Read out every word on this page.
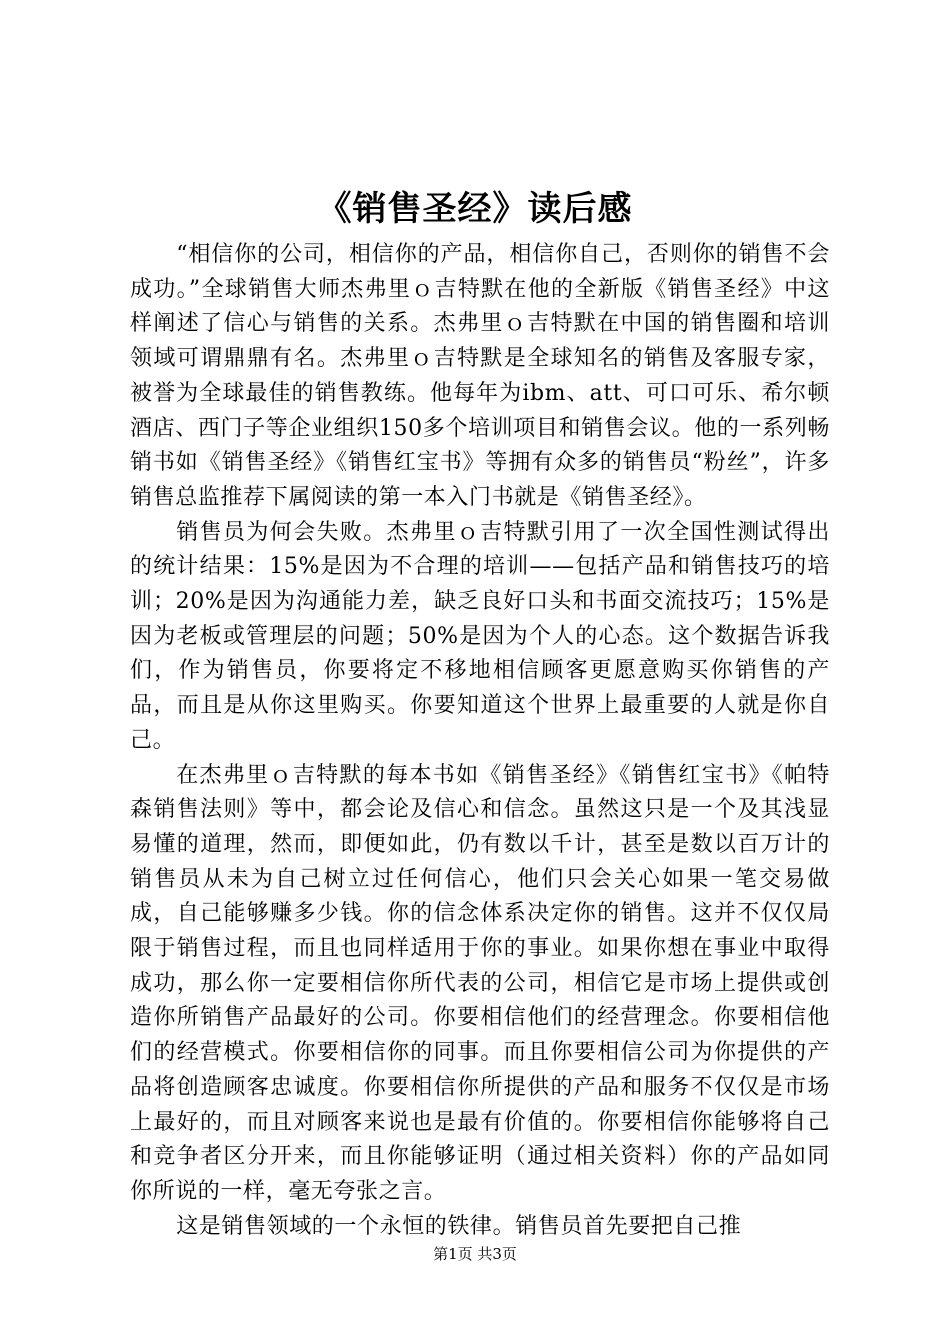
《销售圣经》读后感

“相信你的公司，相信你的产品，相信你自己，否则你的销售不会成功。”全球销售大师杰弗里ｏ吉特默在他的全新版《销售圣经》中这样阐述了信心与销售的关系。杰弗里ｏ吉特默在中国的销售圈和培训领域可谓鼎鼎有名。杰弗里ｏ吉特默是全球知名的销售及客服专家，被誉为全球最佳的销售教练。他每年为ibm、att、可口可乐、希尔顿酒店、西门子等企业组织150多个培训项目和销售会议。他的一系列畅销书如《销售圣经》《销售红宝书》等拥有众多的销售员“粉丝”，许多销售总监推荐下属阅读的第一本入门书就是《销售圣经》。

销售员为何会失败。杰弗里ｏ吉特默引用了一次全国性测试得出的统计结果：15%是因为不合理的培训——包括产品和销售技巧的培训；20%是因为沟通能力差，缺乏良好口头和书面交流技巧；15%是因为老板或管理层的问题；50%是因为个人的心态。这个数据告诉我们，作为销售员，你要将定不移地相信顾客更愿意购买你销售的产品，而且是从你这里购买。你要知道这个世界上最重要的人就是你自己。

在杰弗里ｏ吉特默的每本书如《销售圣经》《销售红宝书》《帕特森销售法则》等中，都会论及信心和信念。虽然这只是一个及其浅显易懂的道理，然而，即便如此，仍有数以千计，甚至是数以百万计的销售员从未为自己树立过任何信心，他们只会关心如果一笔交易做成，自己能够赚多少钱。你的信念体系决定你的销售。这并不仅仅局限于销售过程，而且也同样适用于你的事业。如果你想在事业中取得成功，那么你一定要相信你所代表的公司，相信它是市场上提供或创造你所销售产品最好的公司。你要相信他们的经营理念。你要相信他们的经营模式。你要相信你的同事。而且你要相信公司为你提供的产品将创造顾客忠诚度。你要相信你所提供的产品和服务不仅仅是市场上最好的，而且对顾客来说也是最有价值的。你要相信你能够将自己和竞争者区分开来，而且你能够证明（通过相关资料）你的产品如同你所说的一样，毫无夸张之言。

这是销售领域的一个永恒的铁律。销售员首先要把自己推

第1页 共3页
